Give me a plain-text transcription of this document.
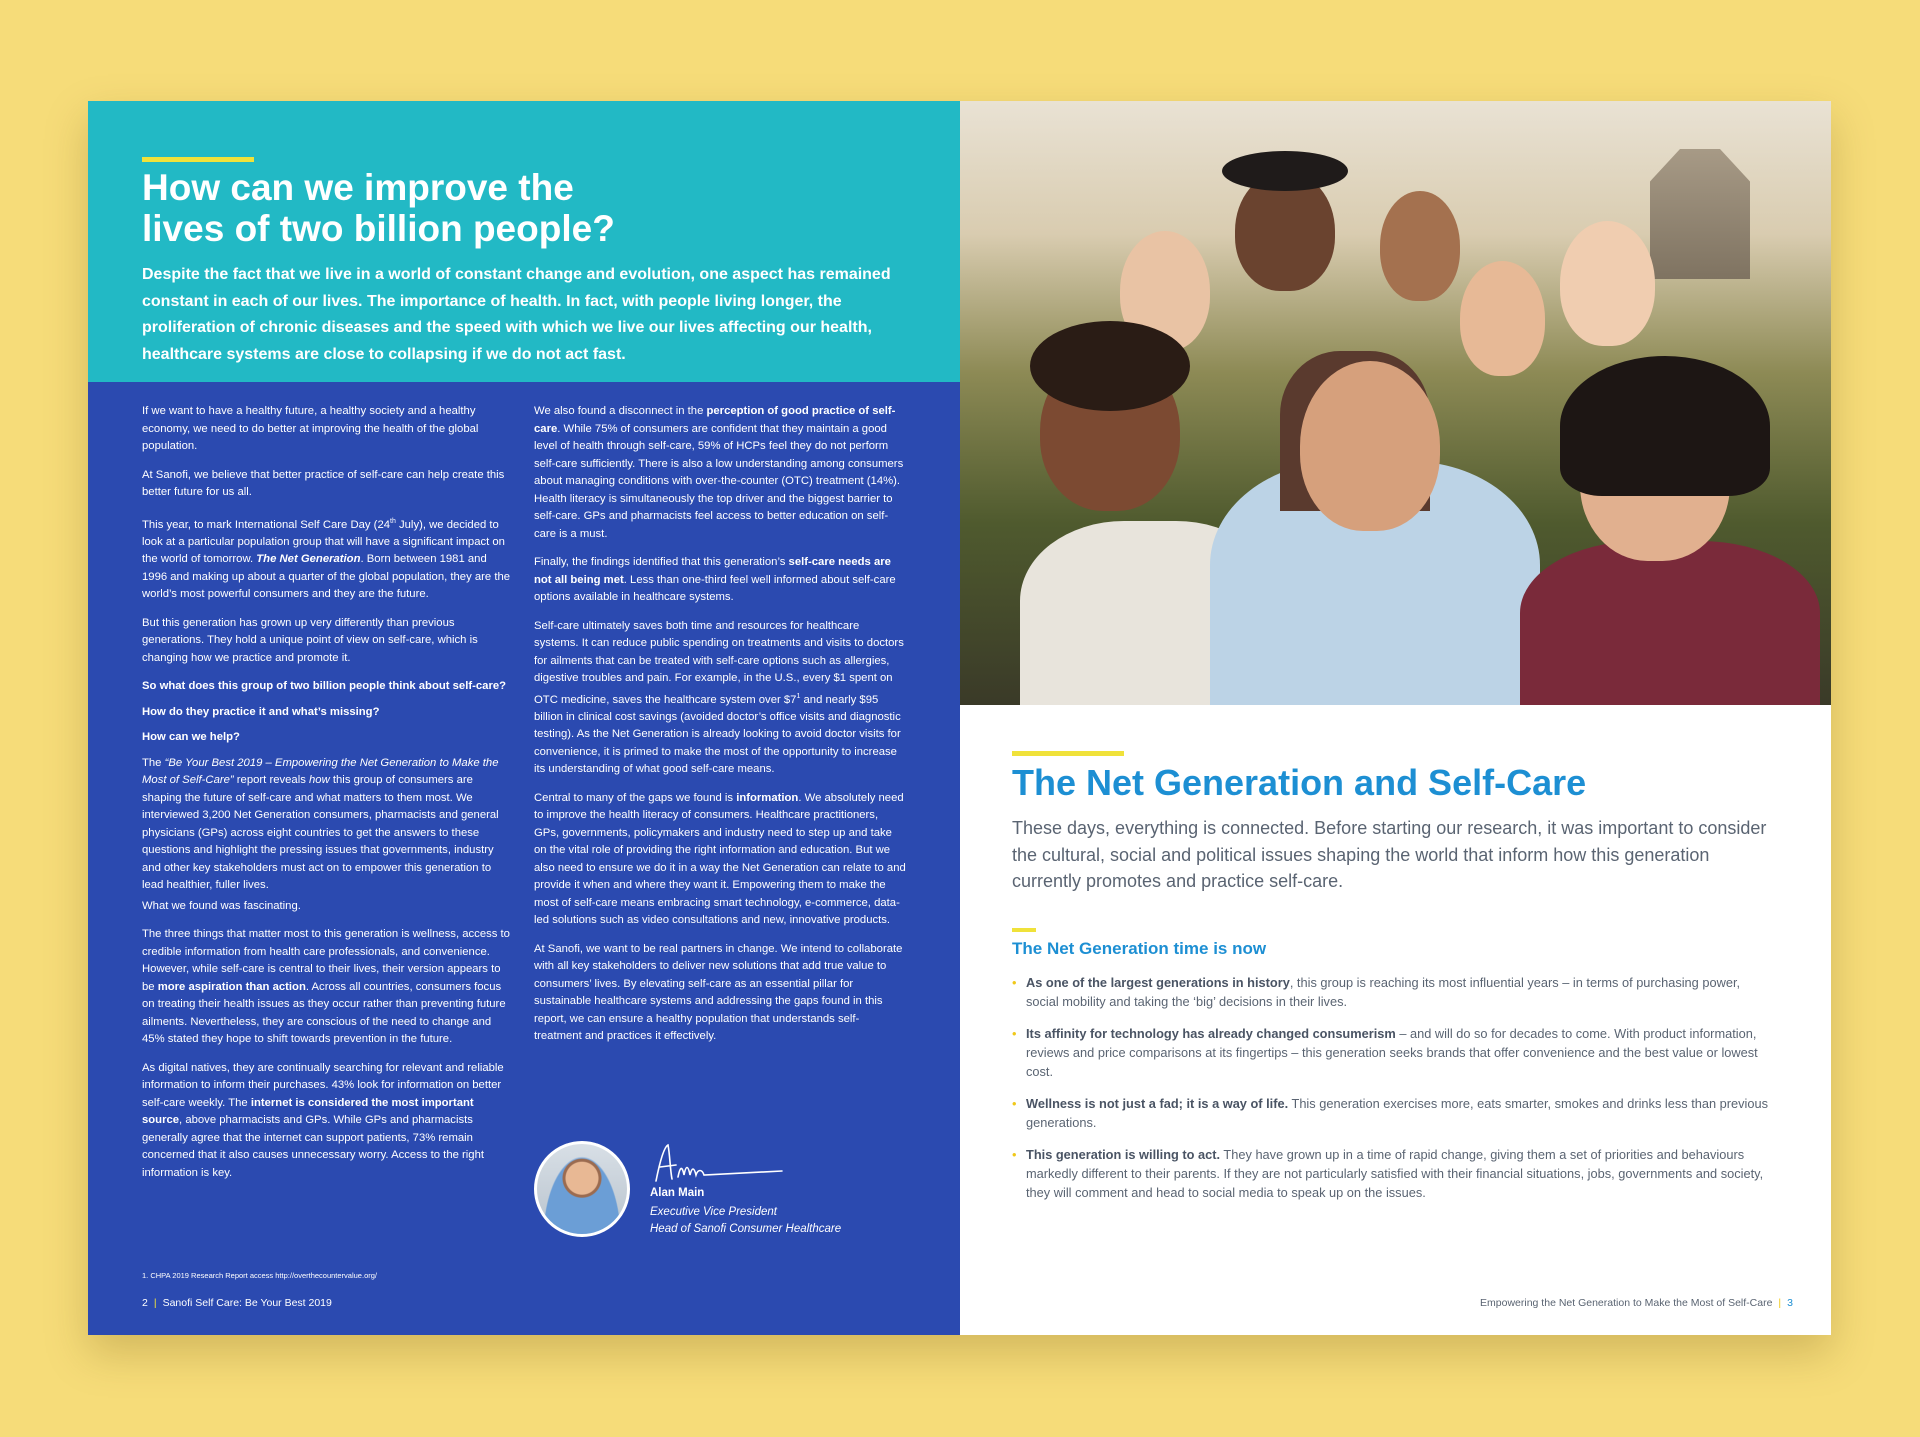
How can we improve the
lives of two billion people?

Despite the fact that we live in a world of constant change and evolution, one aspect has remained constant in each of our lives. The importance of health. In fact, with people living longer, the proliferation of chronic diseases and the speed with which we live our lives affecting our health, healthcare systems are close to collapsing if we do not act fast.

If we want to have a healthy future, a healthy society and a healthy economy, we need to do better at improving the health of the global population.

At Sanofi, we believe that better practice of self-care can help create this better future for us all.

This year, to mark International Self Care Day (24th July), we decided to look at a particular population group that will have a significant impact on the world of tomorrow. The Net Generation. Born between 1981 and 1996 and making up about a quarter of the global population, they are the world’s most powerful consumers and they are the future.

But this generation has grown up very differently than previous generations. They hold a unique point of view on self-care, which is changing how we practice and promote it.

So what does this group of two billion people think about self-care?

How do they practice it and what’s missing?

How can we help?

The “Be Your Best 2019 – Empowering the Net Generation to Make the Most of Self-Care” report reveals how this group of consumers are shaping the future of self-care and what matters to them most. We interviewed 3,200 Net Generation consumers, pharmacists and general physicians (GPs) across eight countries to get the answers to these questions and highlight the pressing issues that governments, industry and other key stakeholders must act on to empower this generation to lead healthier, fuller lives.

What we found was fascinating.

The three things that matter most to this generation is wellness, access to credible information from health care professionals, and convenience. However, while self-care is central to their lives, their version appears to be more aspiration than action. Across all countries, consumers focus on treating their health issues as they occur rather than preventing future ailments. Nevertheless, they are conscious of the need to change and 45% stated they hope to shift towards prevention in the future.

As digital natives, they are continually searching for relevant and reliable information to inform their purchases. 43% look for information on better self-care weekly. The internet is considered the most important source, above pharmacists and GPs. While GPs and pharmacists generally agree that the internet can support patients, 73% remain concerned that it also causes unnecessary worry. Access to the right information is key.

We also found a disconnect in the perception of good practice of self-care. While 75% of consumers are confident that they maintain a good level of health through self-care, 59% of HCPs feel they do not perform self-care sufficiently. There is also a low understanding among consumers about managing conditions with over-the-counter (OTC) treatment (14%). Health literacy is simultaneously the top driver and the biggest barrier to self-care. GPs and pharmacists feel access to better education on self-care is a must.

Finally, the findings identified that this generation’s self-care needs are not all being met. Less than one-third feel well informed about self-care options available in healthcare systems.

Self-care ultimately saves both time and resources for healthcare systems. It can reduce public spending on treatments and visits to doctors for ailments that can be treated with self-care options such as allergies, digestive troubles and pain. For example, in the U.S., every $1 spent on OTC medicine, saves the healthcare system over $\$7^1$ and nearly $95 billion in clinical cost savings (avoided doctor’s office visits and diagnostic testing). As the Net Generation is already looking to avoid doctor visits for convenience, it is primed to make the most of the opportunity to increase its understanding of what good self-care means.

Central to many of the gaps we found is information. We absolutely need to improve the health literacy of consumers. Healthcare practitioners, GPs, governments, policymakers and industry need to step up and take on the vital role of providing the right information and education. But we also need to ensure we do it in a way the Net Generation can relate to and provide it when and where they want it. Empowering them to make the most of self-care means embracing smart technology, e-commerce, data-led solutions such as video consultations and new, innovative products.

At Sanofi, we want to be real partners in change. We intend to collaborate with all key stakeholders to deliver new solutions that add true value to consumers’ lives. By elevating self-care as an essential pillar for sustainable healthcare systems and addressing the gaps found in this report, we can ensure a healthy population that understands self-treatment and practices it effectively.

Alan Main
Executive Vice President
Head of Sanofi Consumer Healthcare
1. CHPA 2019 Research Report access http://overthecountervalue.org/
2 | Sanofi Self Care: Be Your Best 2019
The Net Generation and Self-Care

These days, everything is connected. Before starting our research, it was important to consider the cultural, social and political issues shaping the world that inform how this generation currently promotes and practice self-care.

The Net Generation time is now
• As one of the largest generations in history, this group is reaching its most influential years – in terms of purchasing power, social mobility and taking the ‘big’ decisions in their lives.
• Its affinity for technology has already changed consumerism – and will do so for decades to come. With product information, reviews and price comparisons at its fingertips – this generation seeks brands that offer convenience and the best value or lowest cost.
• Wellness is not just a fad; it is a way of life. This generation exercises more, eats smarter, smokes and drinks less than previous generations.
• This generation is willing to act. They have grown up in a time of rapid change, giving them a set of priorities and behaviours markedly different to their parents. If they are not particularly satisfied with their financial situations, jobs, governments and society, they will comment and head to social media to speak up on the issues.
Empowering the Net Generation to Make the Most of Self-Care | 3
